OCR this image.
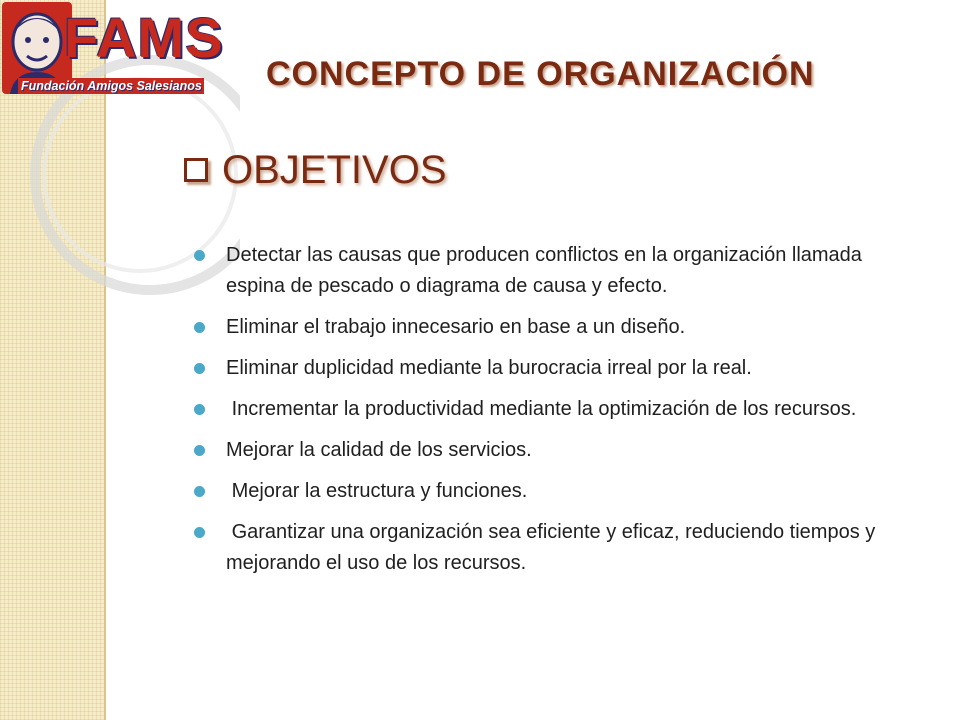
FAMS
Fundación Amigos Salesianos CONCEPTO DE ORGANIZACIÓN
OBJETIVOS
Detectar las causas que producen conflictos en la organización llamada espina de pescado o diagrama de causa y efecto.
Eliminar el trabajo innecesario en base a un diseño.
Eliminar duplicidad mediante la burocracia irreal por la real.
Incrementar la productividad mediante la optimización de los recursos.
Mejorar la calidad de los servicios.
Mejorar la estructura y funciones.
Garantizar una organización sea eficiente y eficaz, reduciendo tiempos y mejorando el uso de los recursos.
